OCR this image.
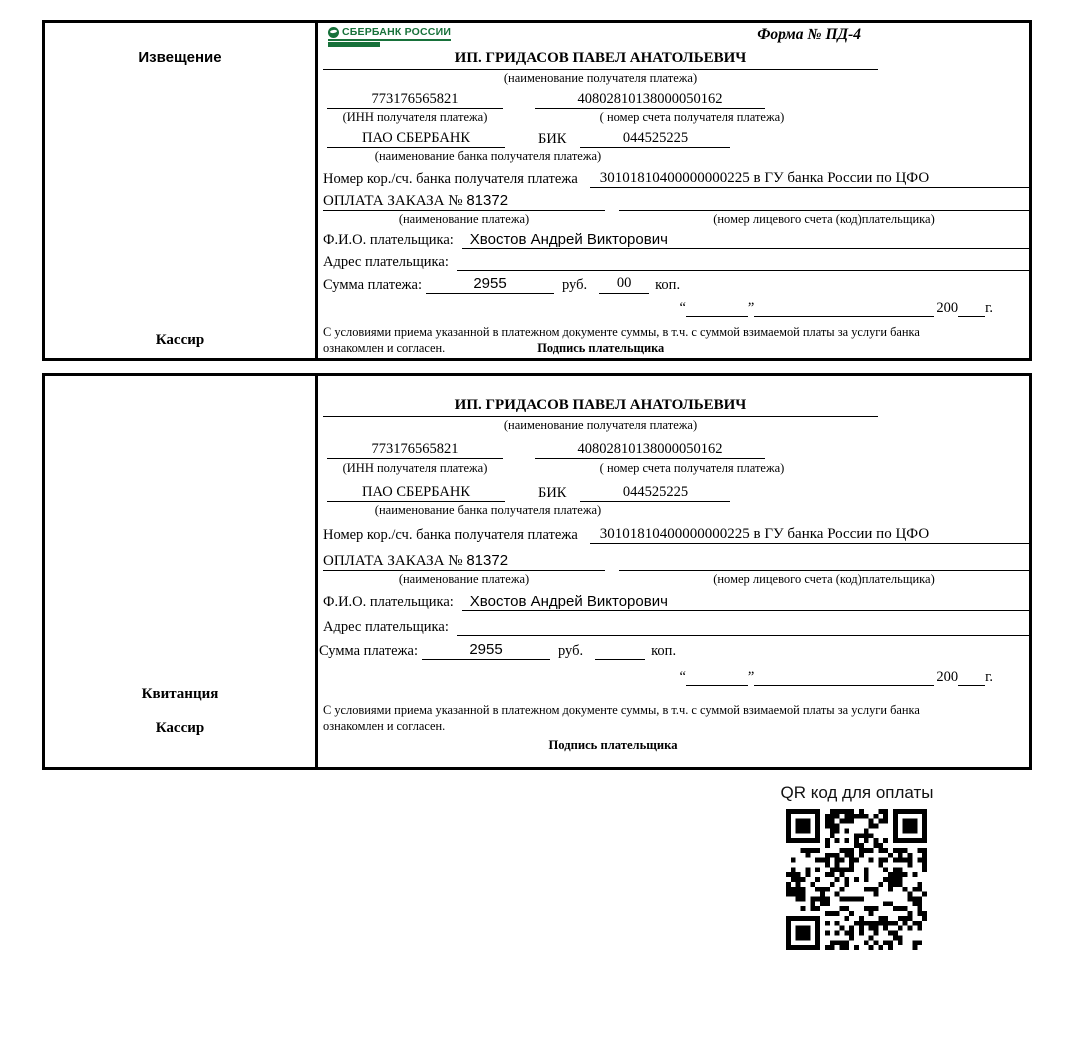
Извещение
Кассир
СБЕРБАНК РОССИИ	Форма № ПД-4
ИП. ГРИДАСОВ ПАВЕЛ АНАТОЛЬЕВИЧ
(наименование получателя платежа)
773176565821	40802810138000050162
(ИНН получателя платежа)	( номер счета получателя платежа)
ПАО СБЕРБАНК	БИК	044525225
(наименование банка получателя платежа)
Номер кор./сч. банка получателя платежа	30101810400000000225 в ГУ банка России по ЦФО
ОПЛАТА ЗАКАЗА № 81372
(наименование платежа)	(номер лицевого счета (код)плательщика)
Ф.И.О. плательщика:	Хвостов Андрей Викторович
Адрес плательщика:
Сумма платежа:	2955	руб.	00	коп.
“	”	200 г.
С условиями приема указанной в платежном документе суммы, в т.ч. с суммой взимаемой платы за услуги банка
ознакомлен и согласен.	Подпись плательщика
Квитанция
Кассир
ИП. ГРИДАСОВ ПАВЕЛ АНАТОЛЬЕВИЧ
(наименование получателя платежа)
773176565821	40802810138000050162
(ИНН получателя платежа)	( номер счета получателя платежа)
ПАО СБЕРБАНК	БИК	044525225
(наименование банка получателя платежа)
Номер кор./сч. банка получателя платежа	30101810400000000225 в ГУ банка России по ЦФО
ОПЛАТА ЗАКАЗА № 81372
(наименование платежа)	(номер лицевого счета (код)плательщика)
Ф.И.О. плательщика:	Хвостов Андрей Викторович
Адрес плательщика:
Сумма платежа:	2955	руб.	коп.
“	”	200 г.
С условиями приема указанной в платежном документе суммы, в т.ч. с суммой взимаемой платы за услуги банка
ознакомлен и согласен.
Подпись плательщика
QR код для оплаты
